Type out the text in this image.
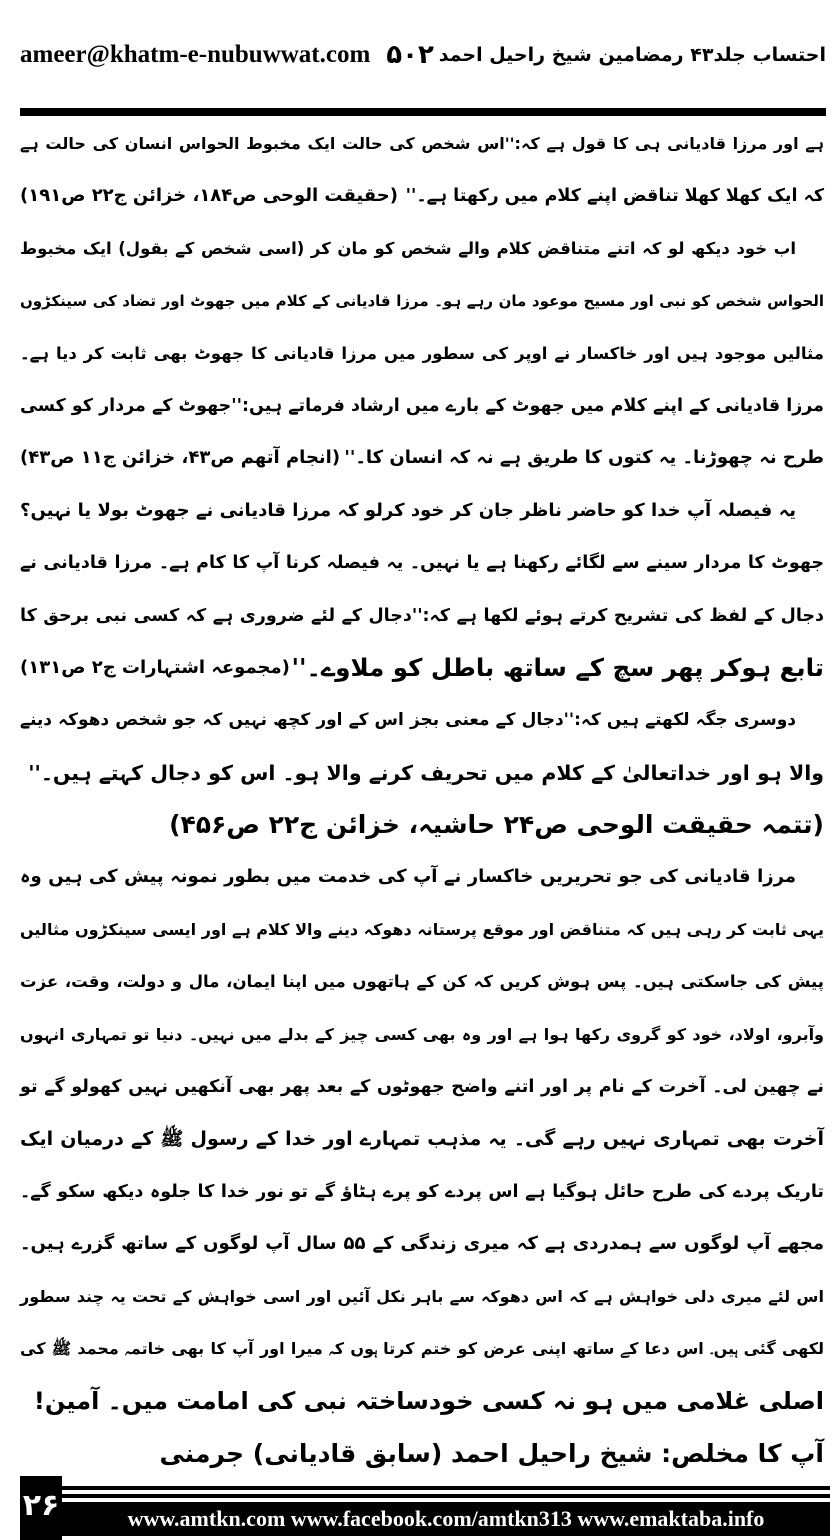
ameer@khatm-e-nubuwwat.com ۵۰۲ احتساب جلد۴۳ رمضامین شیخ راحیل احمد
ہے اور مرزا قادیانی ہی کا قول ہے کہ:''اس شخص کی حالت ایک مخبوط الحواس انسان کی حالت ہے
کہ ایک کھلا کھلا تناقض اپنے کلام میں رکھتا ہے۔''
(حقیقت الوحی ص۱۸۴، خزائن ج۲۲ ص۱۹۱)
اب خود دیکھ لو کہ اتنے متناقض کلام والے شخص کو مان کر (اسی شخص کے بقول) ایک مخبوط
الحواس شخص کو نبی اور مسیح موعود مان رہے ہو۔ مرزا قادیانی کے کلام میں جھوٹ اور تضاد کی سینکڑوں
مثالیں موجود ہیں اور خاکسار نے اوپر کی سطور میں مرزا قادیانی کا جھوٹ بھی ثابت کر دیا ہے۔
مرزا قادیانی کے اپنے کلام میں جھوٹ کے بارے میں ارشاد فرماتے ہیں:''جھوٹ کے مردار کو کسی
طرح نہ چھوڑنا۔ یہ کتوں کا طریق ہے نہ کہ انسان کا۔''
(انجام آتھم ص۴۳، خزائن ج۱۱ ص۴۳)
یہ فیصلہ آپ خدا کو حاضر ناظر جان کر خود کرلو کہ مرزا قادیانی نے جھوٹ بولا یا نہیں؟
جھوٹ کا مردار سینے سے لگائے رکھنا ہے یا نہیں۔ یہ فیصلہ کرنا آپ کا کام ہے۔ مرزا قادیانی نے
دجال کے لفظ کی تشریح کرتے ہوئے لکھا ہے کہ:''دجال کے لئے ضروری ہے کہ کسی نبی برحق کا
تابع ہوکر پھر سچ کے ساتھ باطل کو ملاوے۔''
(مجموعہ اشتہارات ج۲ ص۱۳۱)
دوسری جگہ لکھتے ہیں کہ:''دجال کے معنی بجز اس کے اور کچھ نہیں کہ جو شخص دھوکہ دینے
والا ہو اور خداتعالیٰ کے کلام میں تحریف کرنے والا ہو۔ اس کو دجال کہتے ہیں۔''
(تتمہ حقیقت الوحی ص۲۴ حاشیہ، خزائن ج۲۲ ص۴۵۶)
مرزا قادیانی کی جو تحریریں خاکسار نے آپ کی خدمت میں بطور نمونہ پیش کی ہیں وہ
یہی ثابت کر رہی ہیں کہ متناقض اور موقع پرستانہ دھوکہ دینے والا کلام ہے اور ایسی سینکڑوں مثالیں
پیش کی جاسکتی ہیں۔ پس ہوش کریں کہ کن کے ہاتھوں میں اپنا ایمان، مال و دولت، وقت، عزت
وآبرو، اولاد، خود کو گروی رکھا ہوا ہے اور وہ بھی کسی چیز کے بدلے میں نہیں۔ دنیا تو تمہاری انہوں
نے چھین لی۔ آخرت کے نام پر اور اتنے واضح جھوٹوں کے بعد پھر بھی آنکھیں نہیں کھولو گے تو
آخرت بھی تمہاری نہیں رہے گی۔ یہ مذہب تمہارے اور خدا کے رسول ﷺ کے درمیان ایک
تاریک پردے کی طرح حائل ہوگیا ہے اس پردے کو پرے ہٹاؤ گے تو نور خدا کا جلوہ دیکھ سکو گے۔
مجھے آپ لوگوں سے ہمدردی ہے کہ میری زندگی کے ۵۵ سال آپ لوگوں کے ساتھ گزرے ہیں۔
اس لئے میری دلی خواہش ہے کہ اس دھوکہ سے باہر نکل آئیں اور اسی خواہش کے تحت یہ چند سطور
لکھی گئی ہیں۔ اس دعا کے ساتھ اپنی عرض کو ختم کرتا ہوں کہ میرا اور آپ کا بھی خاتمہ محمد ﷺ کی
اصلی غلامی میں ہو نہ کسی خودساختہ نبی کی امامت میں۔ آمین!
آپ کا مخلص: شیخ راحیل احمد (سابق قادیانی) جرمنی
۲۶	www.amtkn.com www.facebook.com/amtkn313 www.emaktaba.info
